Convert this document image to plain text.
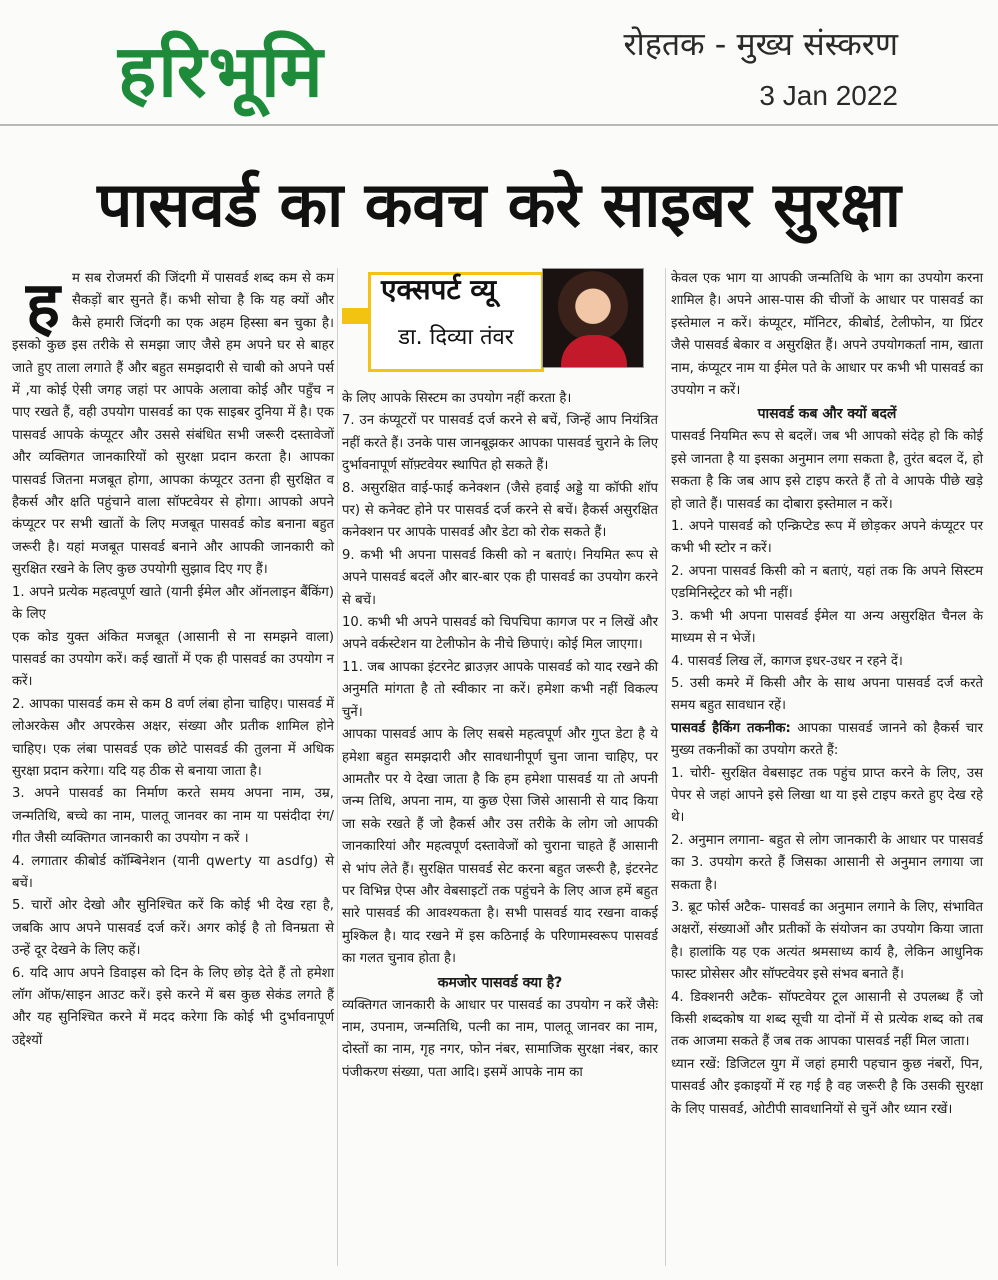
हरिभूमि	रोहतक - मुख्य संस्करण
3 Jan 2022
पासवर्ड का कवच करे साइबर सुरक्षा
ह म सब रोजमर्रा की जिंदगी में पासवर्ड शब्द कम से कम सैकड़ों बार सुनते हैं। कभी सोचा है कि यह क्यों और कैसे हमारी जिंदगी का एक अहम हिस्सा बन चुका है। इसको कुछ इस तरीके से समझा जाए जैसे हम अपने घर से बाहर जाते हुए ताला लगाते हैं और बहुत समझदारी से चाबी को अपने पर्स में ,या कोई ऐसी जगह जहां पर आपके अलावा कोई और पहुँच न पाए रखते हैं, वही उपयोग पासवर्ड का एक साइबर दुनिया में है। एक पासवर्ड आपके कंप्यूटर और उससे संबंधित सभी जरूरी दस्तावेजों और व्यक्तिगत जानकारियों को सुरक्षा प्रदान करता है। आपका पासवर्ड जितना मजबूत होगा, आपका कंप्यूटर उतना ही सुरक्षित व हैकर्स और क्षति पहुंचाने वाला सॉफ्टवेयर से होगा। आपको अपने कंप्यूटर पर सभी खातों के लिए मजबूत पासवर्ड कोड बनाना बहुत जरूरी है। यहां मजबूत पासवर्ड बनाने और आपकी जानकारी को सुरक्षित रखने के लिए कुछ उपयोगी सुझाव दिए गए हैं।

1. अपने प्रत्येक महत्वपूर्ण खाते (यानी ईमेल और ऑनलाइन बैंकिंग) के लिए

एक कोड युक्त अंकित मजबूत (आसानी से ना समझने वाला) पासवर्ड का उपयोग करें। कई खातों में एक ही पासवर्ड का उपयोग न करें।

2. आपका पासवर्ड कम से कम 8 वर्ण लंबा होना चाहिए। पासवर्ड में लोअरकेस और अपरकेस अक्षर, संख्या और प्रतीक शामिल होने चाहिए। एक लंबा पासवर्ड एक छोटे पासवर्ड की तुलना में अधिक सुरक्षा प्रदान करेगा। यदि यह ठीक से बनाया जाता है।

3. अपने पासवर्ड का निर्माण करते समय अपना नाम, उम्र, जन्मतिथि, बच्चे का नाम, पालतू जानवर का नाम या पसंदीदा रंग/गीत जैसी व्यक्तिगत जानकारी का उपयोग न करें ।

4. लगातार कीबोर्ड कॉम्बिनेशन (यानी qwerty या asdfg) से बचें।

5. चारों ओर देखो और सुनिश्चित करें कि कोई भी देख रहा है, जबकि आप अपने पासवर्ड दर्ज करें। अगर कोई है तो विनम्रता से उन्हें दूर देखने के लिए कहें।

6. यदि आप अपने डिवाइस को दिन के लिए छोड़ देते हैं तो हमेशा लॉग ऑफ/साइन आउट करें। इसे करने में बस कुछ सेकंड लगते हैं और यह सुनिश्चित करने में मदद करेगा कि कोई भी दुर्भावनापूर्ण उद्देश्यों

एक्सपर्ट व्यू
डा. दिव्या तंवर

के लिए आपके सिस्टम का उपयोग नहीं करता है।

7. उन कंप्यूटरों पर पासवर्ड दर्ज करने से बचें, जिन्हें आप नियंत्रित नहीं करते हैं। उनके पास जानबूझकर आपका पासवर्ड चुराने के लिए दुर्भावनापूर्ण सॉफ़्टवेयर स्थापित हो सकते हैं।

8. असुरक्षित वाई-फाई कनेक्शन (जैसे हवाई अड्डे या कॉफी शॉप पर) से कनेक्ट होने पर पासवर्ड दर्ज करने से बचें। हैकर्स असुरक्षित कनेक्शन पर आपके पासवर्ड और डेटा को रोक सकते हैं।

9. कभी भी अपना पासवर्ड किसी को न बताएं। नियमित रूप से अपने पासवर्ड बदलें और बार-बार एक ही पासवर्ड का उपयोग करने से बचें।

10. कभी भी अपने पासवर्ड को चिपचिपा कागज पर न लिखें और अपने वर्कस्टेशन या टेलीफोन के नीचे छिपाएं। कोई मिल जाएगा।

11. जब आपका इंटरनेट ब्राउज़र आपके पासवर्ड को याद रखने की अनुमति मांगता है तो स्वीकार ना करें। हमेशा कभी नहीं विकल्प चुनें।

आपका पासवर्ड आप के लिए सबसे महत्वपूर्ण और गुप्त डेटा है ये हमेशा बहुत समझदारी और सावधानीपूर्ण चुना जाना चाहिए, पर आमतौर पर ये देखा जाता है कि हम हमेशा पासवर्ड या तो अपनी जन्म तिथि, अपना नाम, या कुछ ऐसा जिसे आसानी से याद किया जा सके रखते हैं जो हैकर्स और उस तरीके के लोग जो आपकी जानकारियां और महत्वपूर्ण दस्तावेजों को चुराना चाहते हैं आसानी से भांप लेते हैं। सुरक्षित पासवर्ड सेट करना बहुत जरूरी है, इंटरनेट पर विभिन्न ऐप्स और वेबसाइटों तक पहुंचने के लिए आज हमें बहुत सारे पासवर्ड की आवश्यकता है। सभी पासवर्ड याद रखना वाकई मुश्किल है। याद रखने में इस कठिनाई के परिणामस्वरूप पासवर्ड का गलत चुनाव होता है।

कमजोर पासवर्ड क्या है?

व्यक्तिगत जानकारी के आधार पर पासवर्ड का उपयोग न करें जैसेः नाम, उपनाम, जन्मतिथि, पत्नी का नाम, पालतू जानवर का नाम, दोस्तों का नाम, गृह नगर, फोन नंबर, सामाजिक सुरक्षा नंबर, कार पंजीकरण संख्या, पता आदि। इसमें आपके नाम का

केवल एक भाग या आपकी जन्मतिथि के भाग का उपयोग करना शामिल है। अपने आस-पास की चीजों के आधार पर पासवर्ड का इस्तेमाल न करें। कंप्यूटर, मॉनिटर, कीबोर्ड, टेलीफोन, या प्रिंटर जैसे पासवर्ड बेकार व असुरक्षित हैं। अपने उपयोगकर्ता नाम, खाता नाम, कंप्यूटर नाम या ईमेल पते के आधार पर कभी भी पासवर्ड का उपयोग न करें।

पासवर्ड कब और क्यों बदलें

पासवर्ड नियमित रूप से बदलें। जब भी आपको संदेह हो कि कोई इसे जानता है या इसका अनुमान लगा सकता है, तुरंत बदल दें, हो सकता है कि जब आप इसे टाइप करते हैं तो वे आपके पीछे खड़े हो जाते हैं। पासवर्ड का दोबारा इस्तेमाल न करें।

1. अपने पासवर्ड को एन्क्रिप्टेड रूप में छोड़कर अपने कंप्यूटर पर कभी भी स्टोर न करें।

2. अपना पासवर्ड किसी को न बताएं, यहां तक कि अपने सिस्टम एडमिनिस्ट्रेटर को भी नहीं।

3. कभी भी अपना पासवर्ड ईमेल या अन्य असुरक्षित चैनल के माध्यम से न भेजें।

4. पासवर्ड लिख लें, कागज इधर-उधर न रहने दें।

5. उसी कमरे में किसी और के साथ अपना पासवर्ड दर्ज करते समय बहुत सावधान रहें।

पासवर्ड हैकिंग तकनीक: आपका पासवर्ड जानने को हैकर्स चार मुख्य तकनीकों का उपयोग करते हैं:

1. चोरी- सुरक्षित वेबसाइट तक पहुंच प्राप्त करने के लिए, उस पेपर से जहां आपने इसे लिखा था या इसे टाइप करते हुए देख रहे थे।

2. अनुमान लगाना- बहुत से लोग जानकारी के आधार पर पासवर्ड का 3. उपयोग करते हैं जिसका आसानी से अनुमान लगाया जा सकता है।

3. ब्रूट फोर्स अटैक- पासवर्ड का अनुमान लगाने के लिए, संभावित अक्षरों, संख्याओं और प्रतीकों के संयोजन का उपयोग किया जाता है। हालांकि यह एक अत्यंत श्रमसाध्य कार्य है, लेकिन आधुनिक फास्ट प्रोसेसर और सॉफ्टवेयर इसे संभव बनाते हैं।

4. डिक्शनरी अटैक- सॉफ्टवेयर टूल आसानी से उपलब्ध हैं जो किसी शब्दकोष या शब्द सूची या दोनों में से प्रत्येक शब्द को तब तक आजमा सकते हैं जब तक आपका पासवर्ड नहीं मिल जाता।

ध्यान रखें: डिजिटल युग में जहां हमारी पहचान कुछ नंबरों, पिन, पासवर्ड और इकाइयों में रह गई है वह जरूरी है कि उसकी सुरक्षा के लिए पासवर्ड, ओटीपी सावधानियों से चुनें और ध्यान रखें।
